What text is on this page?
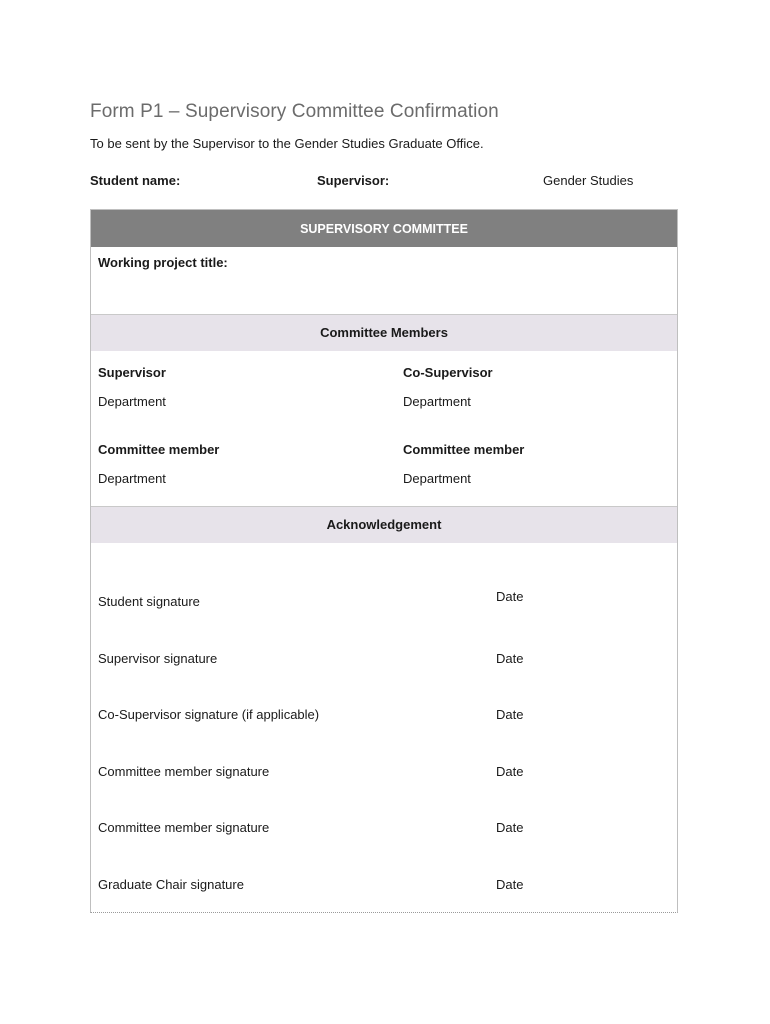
Form P1 – Supervisory Committee Confirmation
To be sent by the Supervisor to the Gender Studies Graduate Office.
Student name:	Supervisor:	Gender Studies
SUPERVISORY COMMITTEE
Working project title:
Committee Members
Supervisor
Department
Co-Supervisor
Department
Committee member
Department
Committee member
Department
Acknowledgement
Student signature	Date
Supervisor signature	Date
Co-Supervisor signature (if applicable)	Date
Committee member signature	Date
Committee member signature	Date
Graduate Chair signature	Date
